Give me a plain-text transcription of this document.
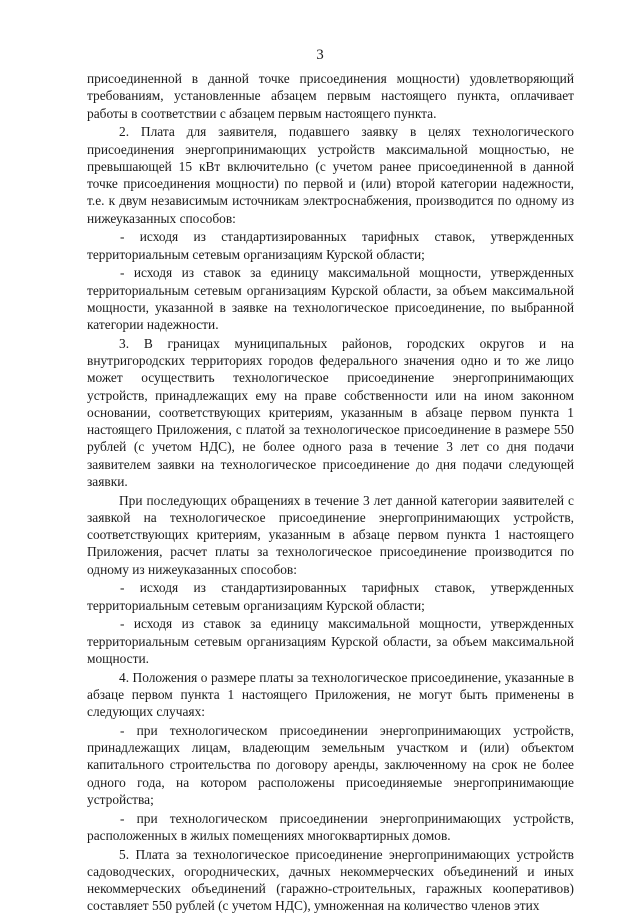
3

присоединенной в данной точке присоединения мощности) удовлетворяющий требованиям, установленные абзацем первым настоящего пункта, оплачивает работы в соответствии с абзацем первым настоящего пункта.

2. Плата для заявителя, подавшего заявку в целях технологического присоединения энергопринимающих устройств максимальной мощностью, не превышающей 15 кВт включительно (с учетом ранее присоединенной в данной точке присоединения мощности) по первой и (или) второй категории надежности, т.е. к двум независимым источникам электроснабжения, производится по одному из нижеуказанных способов:

- исходя из стандартизированных тарифных ставок, утвержденных территориальным сетевым организациям Курской области;

- исходя из ставок за единицу максимальной мощности, утвержденных территориальным сетевым организациям Курской области, за объем максимальной мощности, указанной в заявке на технологическое присоединение, по выбранной категории надежности.

3. В границах муниципальных районов, городских округов и на внутригородских территориях городов федерального значения одно и то же лицо может осуществить технологическое присоединение энергопринимающих устройств, принадлежащих ему на праве собственности или на ином законном основании, соответствующих критериям, указанным в абзаце первом пункта 1 настоящего Приложения, с платой за технологическое присоединение в размере 550 рублей (с учетом НДС), не более одного раза в течение 3 лет со дня подачи заявителем заявки на технологическое присоединение до дня подачи следующей заявки.

При последующих обращениях в течение 3 лет данной категории заявителей с заявкой на технологическое присоединение энергопринимающих устройств, соответствующих критериям, указанным в абзаце первом пункта 1 настоящего Приложения, расчет платы за технологическое присоединение производится по одному из нижеуказанных способов:

- исходя из стандартизированных тарифных ставок, утвержденных территориальным сетевым организациям Курской области;

- исходя из ставок за единицу максимальной мощности, утвержденных территориальным сетевым организациям Курской области, за объем максимальной мощности.

4. Положения о размере платы за технологическое присоединение, указанные в абзаце первом пункта 1 настоящего Приложения, не могут быть применены в следующих случаях:

- при технологическом присоединении энергопринимающих устройств, принадлежащих лицам, владеющим земельным участком и (или) объектом капитального строительства по договору аренды, заключенному на срок не более одного года, на котором расположены присоединяемые энергопринимающие устройства;

- при технологическом присоединении энергопринимающих устройств, расположенных в жилых помещениях многоквартирных домов.

5. Плата за технологическое присоединение энергопринимающих устройств садоводческих, огороднических, дачных некоммерческих объединений и иных некоммерческих объединений (гаражно-строительных, гаражных кооперативов) составляет 550 рублей (с учетом НДС), умноженная на количество членов этих
